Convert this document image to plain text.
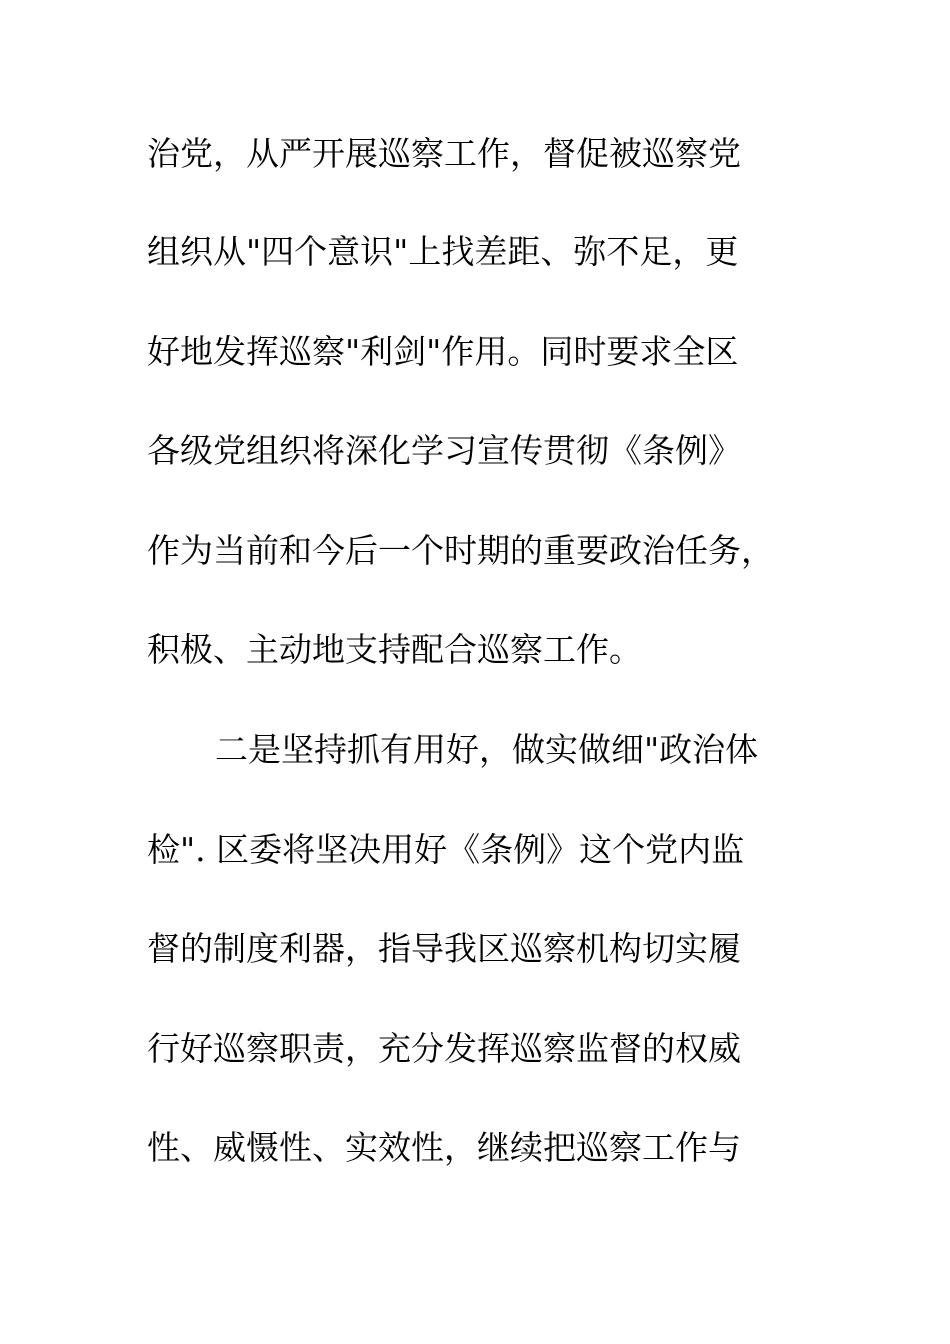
治党，从严开展巡察工作，督促被巡察党
组织从"四个意识"上找差距、弥不足，更
好地发挥巡察"利剑"作用。同时要求全区
各级党组织将深化学习宣传贯彻《条例》
作为当前和今后一个时期的重要政治任务，
积极、主动地支持配合巡察工作。
二是坚持抓有用好，做实做细"政治体
检". 区委将坚决用好《条例》这个党内监
督的制度利器，指导我区巡察机构切实履
行好巡察职责，充分发挥巡察监督的权威
性、威慑性、实效性，继续把巡察工作与
